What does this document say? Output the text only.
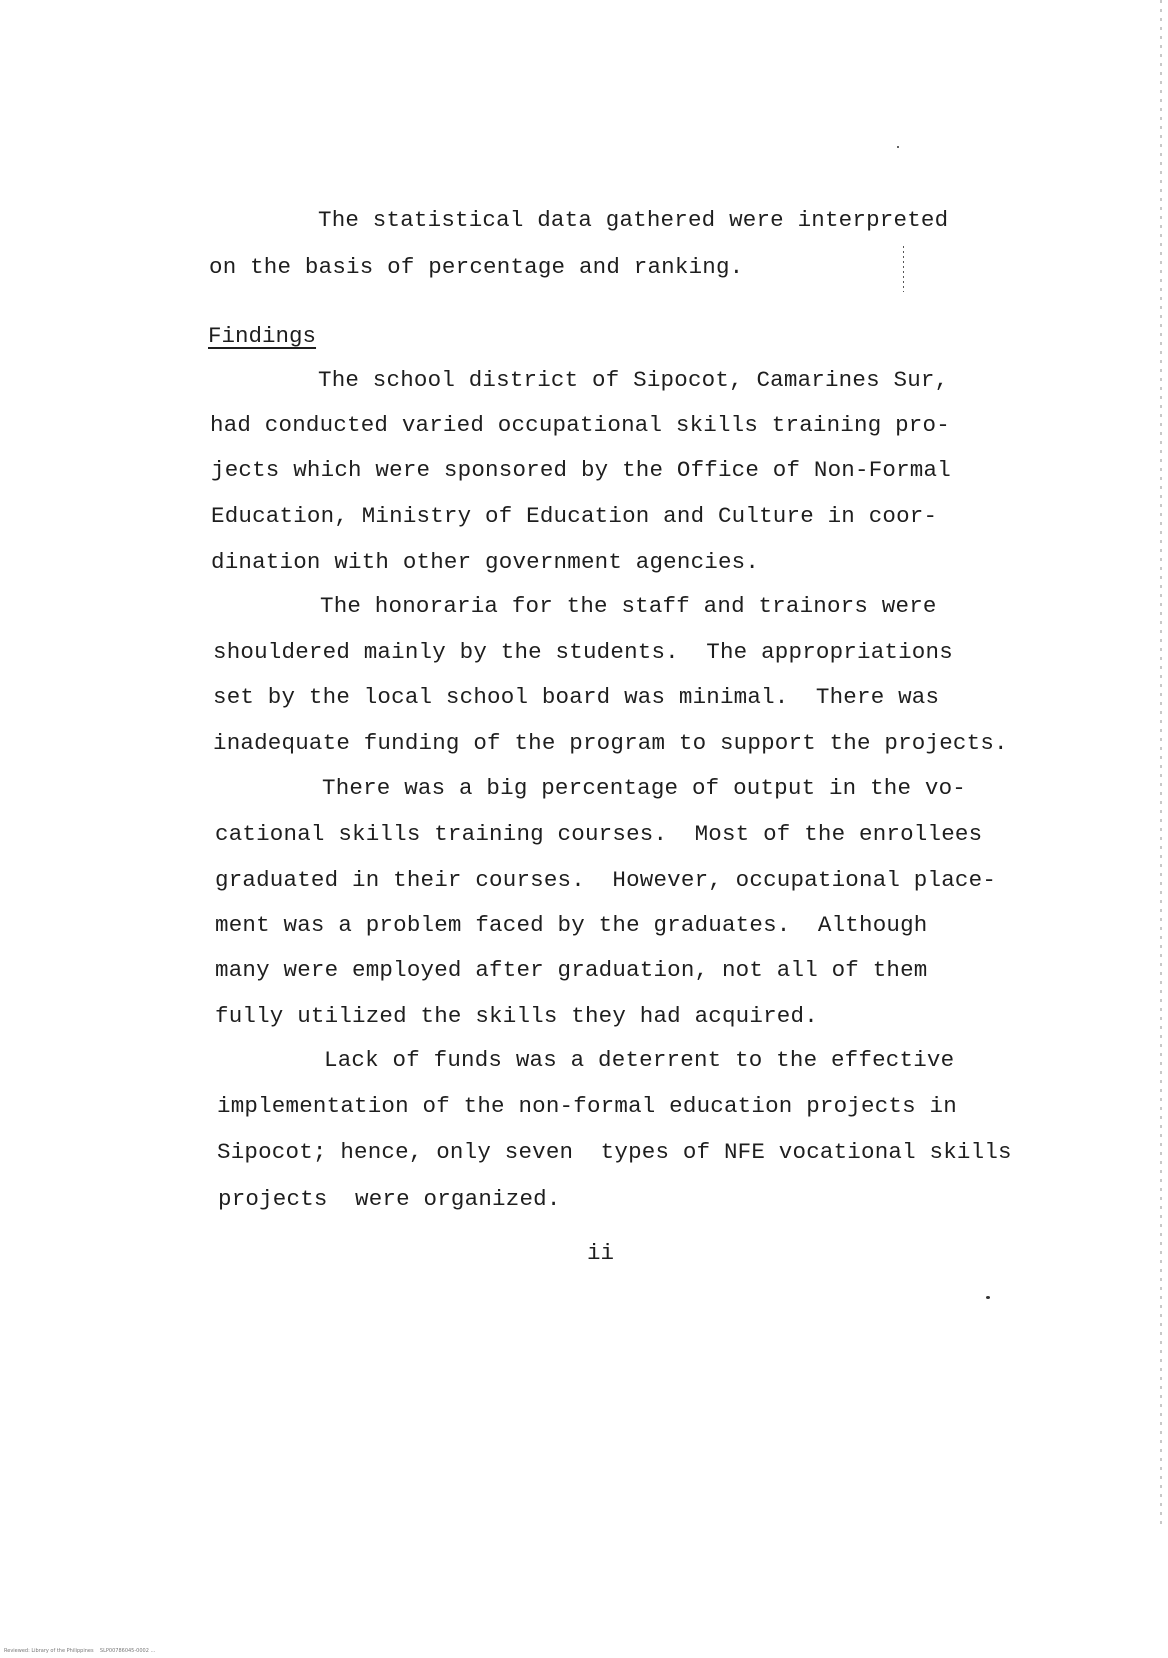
The statistical data gathered were interpreted
on the basis of percentage and ranking.
Findings
The school district of Sipocot, Camarines Sur,
had conducted varied occupational skills training pro-
jects which were sponsored by the Office of Non-Formal
Education, Ministry of Education and Culture in coor-
dination with other government agencies.
The honoraria for the staff and trainors were
shouldered mainly by the students.  The appropriations
set by the local school board was minimal.  There was
inadequate funding of the program to support the projects.
There was a big percentage of output in the vo-
cational skills training courses.  Most of the enrollees
graduated in their courses.  However, occupational place-
ment was a problem faced by the graduates.  Although
many were employed after graduation, not all of them
fully utilized the skills they had acquired.
Lack of funds was a deterrent to the effective
implementation of the non-formal education projects in
Sipocot; hence, only seven  types of NFE vocational skills
projects  were organized.
ii
Reviewed: Library of the Philippines    SLP00786045-0002 ...
